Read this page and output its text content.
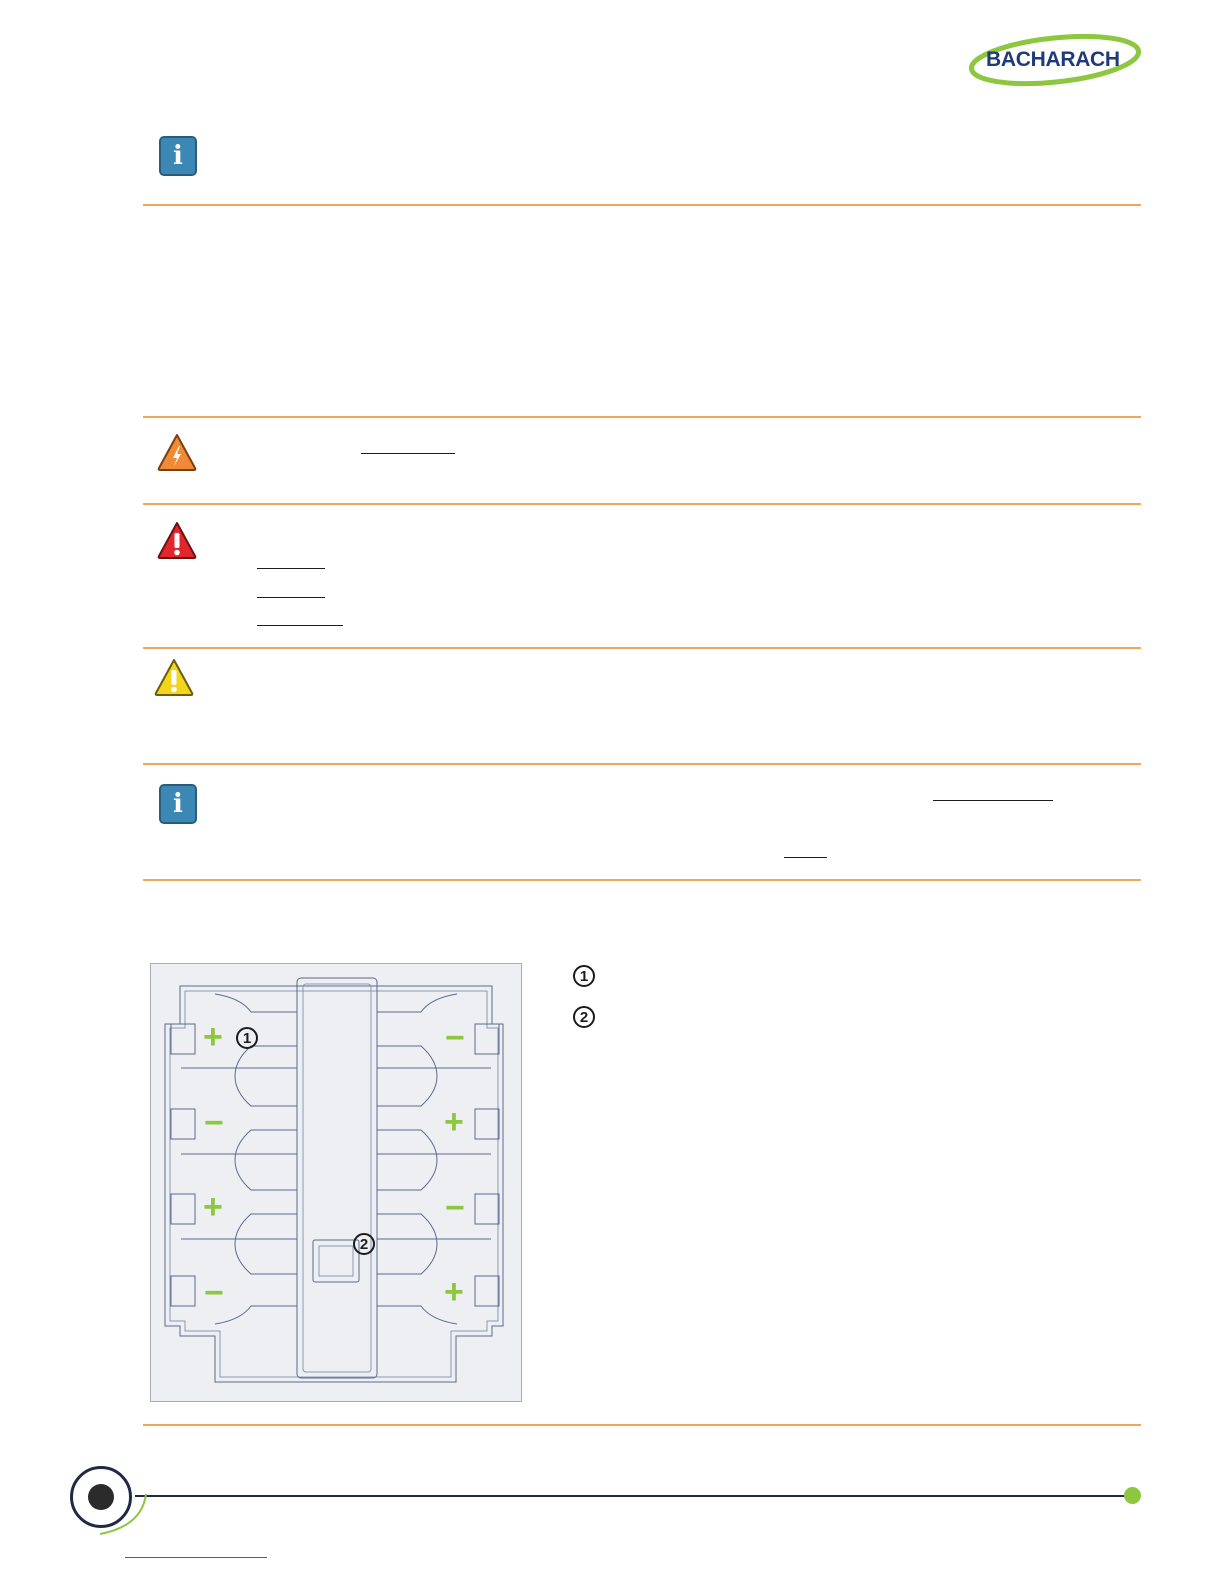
BACHARACH
i
i
+
−
+
−
−
+
−
+
1
2
1
2
